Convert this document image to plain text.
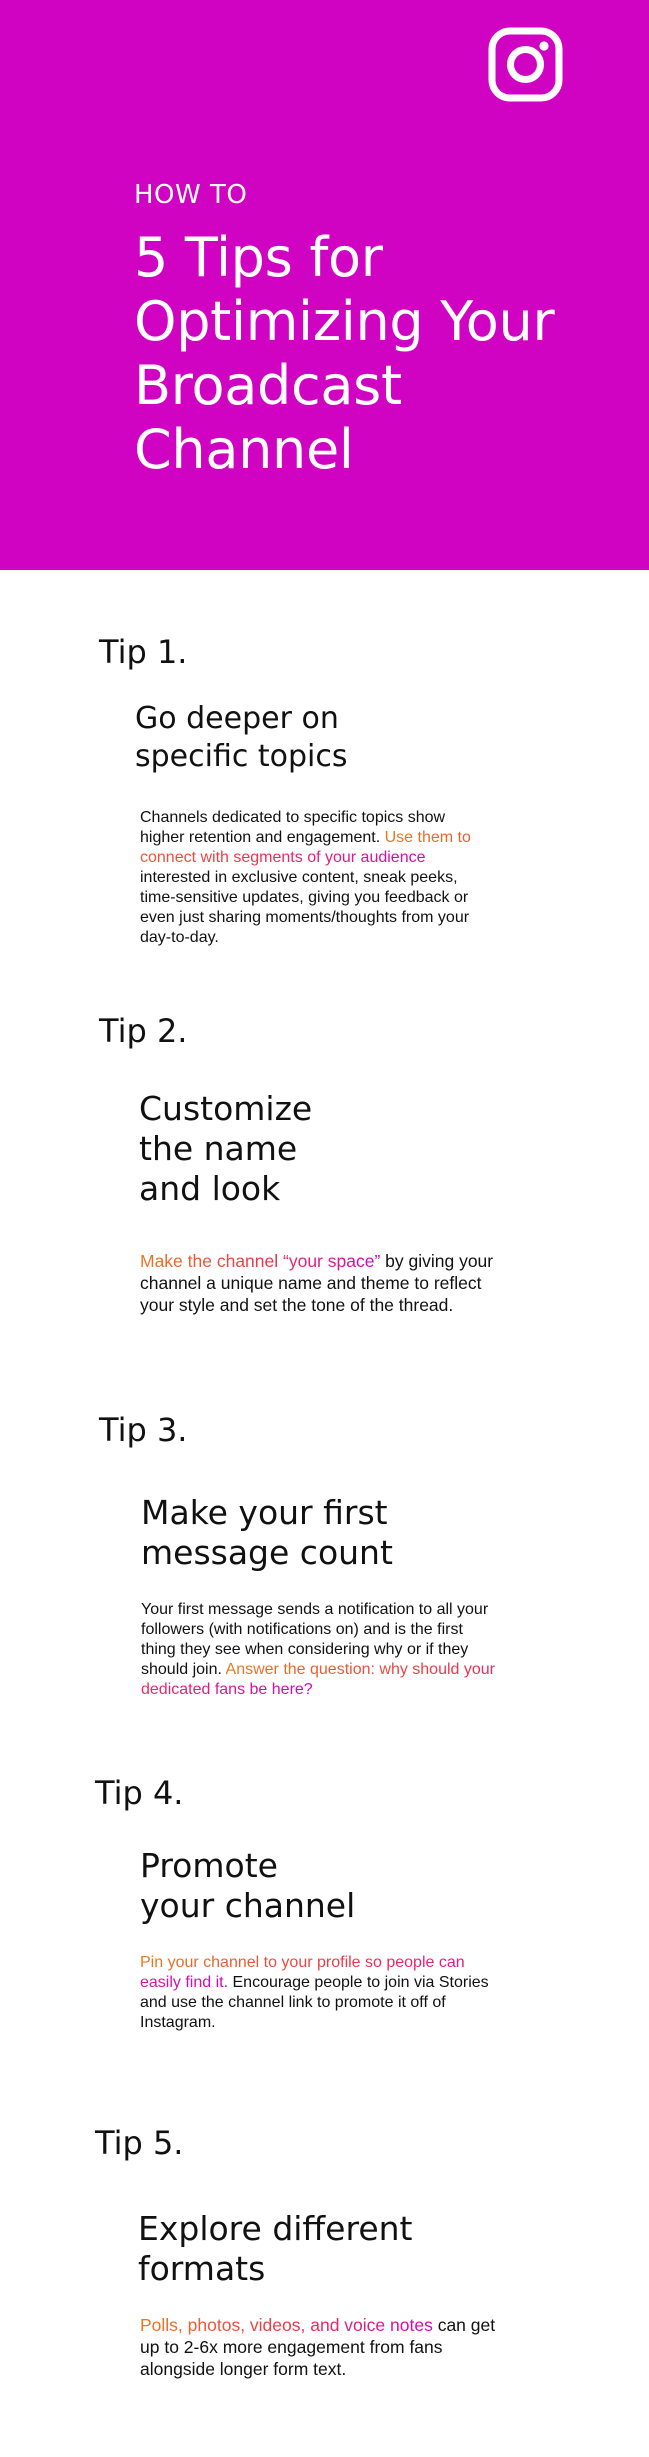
HOW TO

5 Tips for Optimizing Your Broadcast Channel

Tip 1.

Go deeper on
specific topics

Channels dedicated to specific topics show higher retention and engagement. Use them to connect with segments of your audience interested in exclusive content, sneak peeks, time-sensitive updates, giving you feedback or even just sharing moments/thoughts from your day-to-day.

Tip 2.

Customize
the name
and look

Make the channel “your space” by giving your channel a unique name and theme to reflect your style and set the tone of the thread.

Tip 3.

Make your first
message count

Your first message sends a notification to all your followers (with notifications on) and is the first thing they see when considering why or if they should join. Answer the question: why should your dedicated fans be here?

Tip 4.

Promote
your channel

Pin your channel to your profile so people can easily find it. Encourage people to join via Stories and use the channel link to promote it off of Instagram.

Tip 5.

Explore different
formats

Polls, photos, videos, and voice notes can get up to 2-6x more engagement from fans alongside longer form text.
